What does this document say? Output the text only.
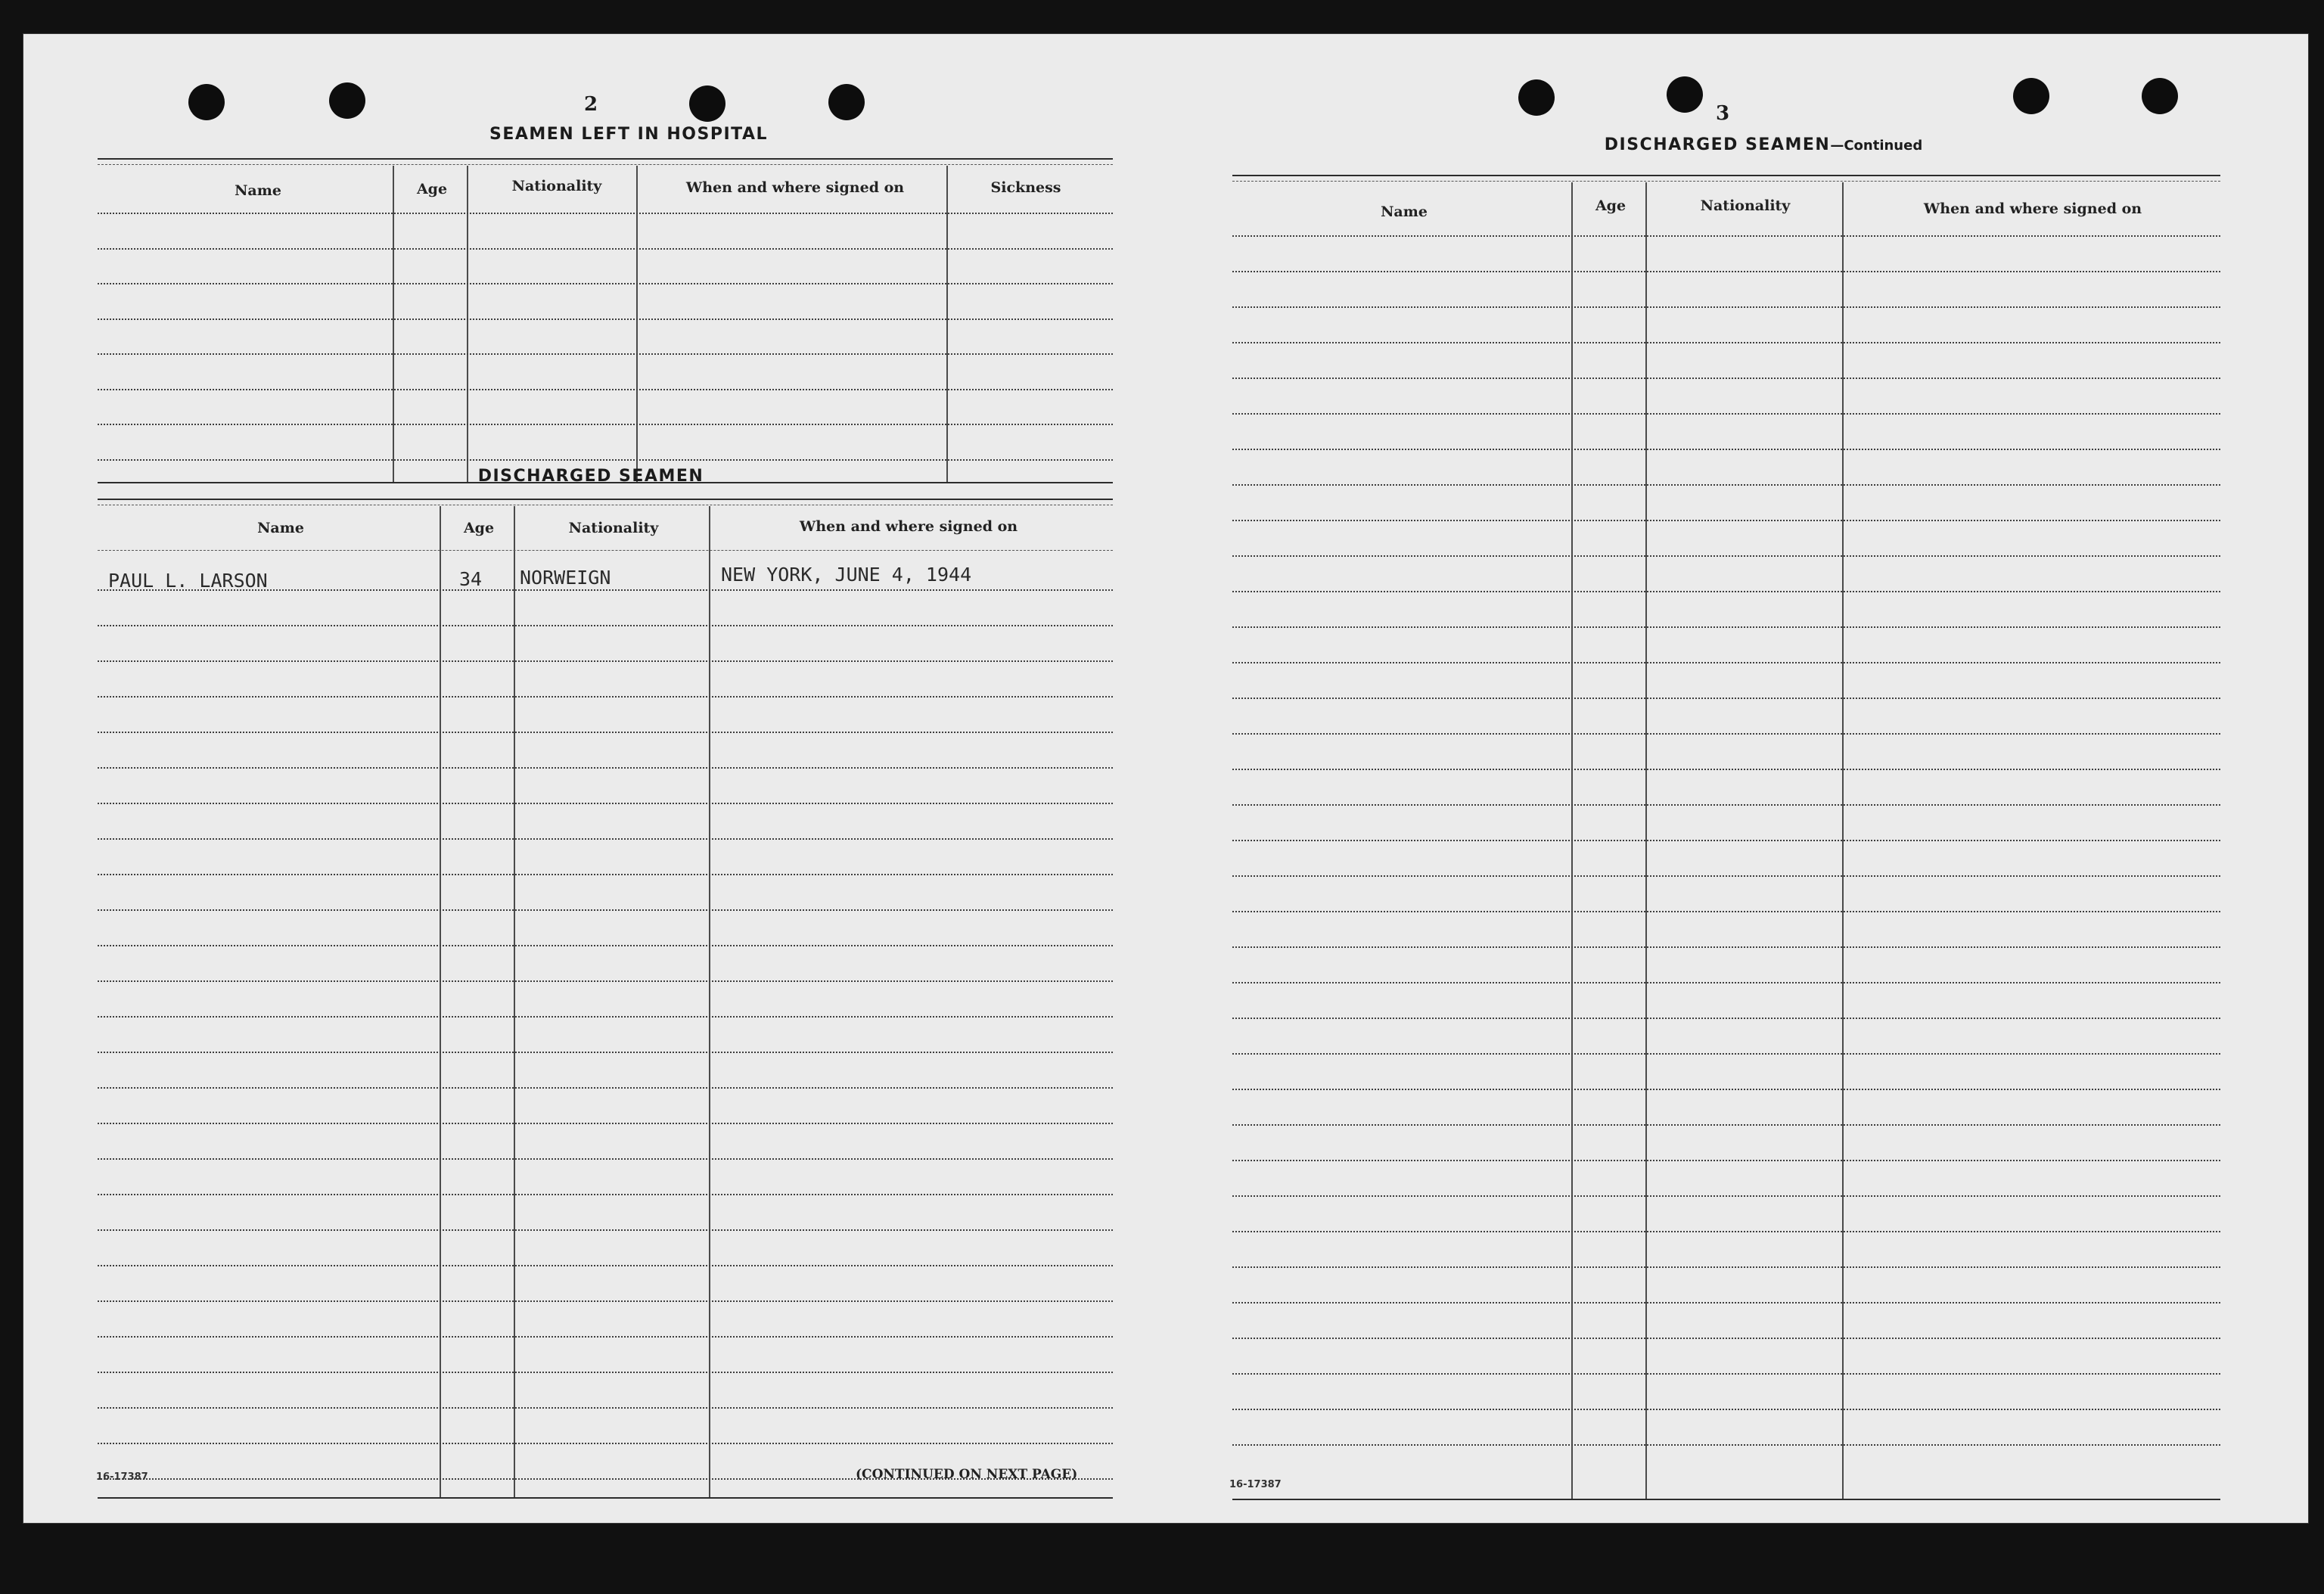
2
SEAMEN LEFT IN HOSPITAL
Name	Age	Nationality	When and where signed on	Sickness
DISCHARGED SEAMEN
Name	Age	Nationality	When and where signed on
PAUL L. LARSON	34 NORWEIGN	NEW YORK, JUNE 4, 1944
16-17387	(CONTINUED ON NEXT PAGE)
3
DISCHARGED SEAMEN—Continued
Name	Age	Nationality	When and where signed on
16-17387
